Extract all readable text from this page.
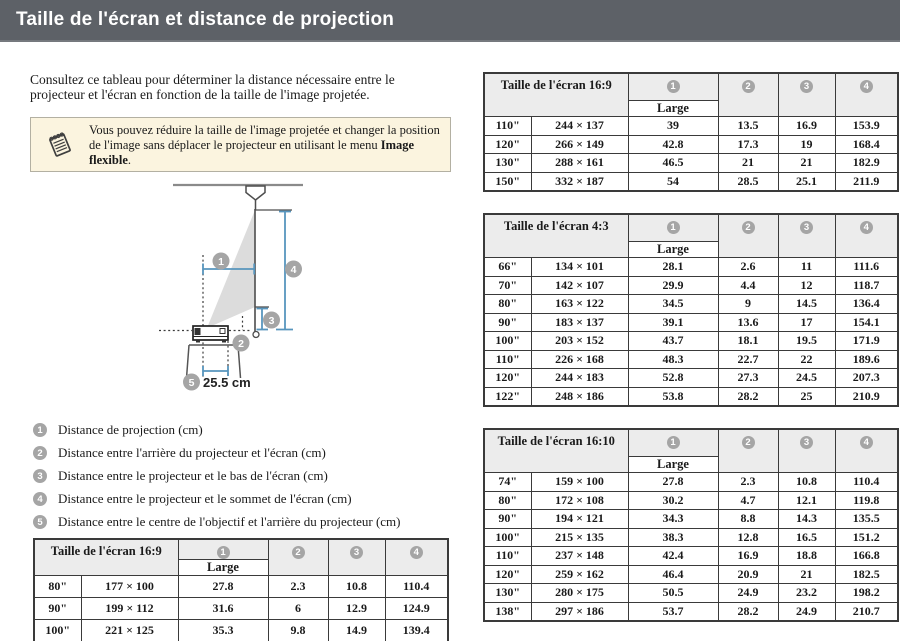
Taille de l'écran et distance de projection

Consultez ce tableau pour déterminer la distance nécessaire entre le projecteur et l'écran en fonction de la taille de l'image projetée.

Vous pouvez réduire la taille de l'image projetée et changer la position de l'image sans déplacer le projecteur en utilisant le menu Image flexible.

1
2
3
4
5 25.5 cm
1	Distance de projection (cm)
2	Distance entre l'arrière du projecteur et l'écran (cm)
3	Distance entre le projecteur et le bas de l'écran (cm)
4	Distance entre le projecteur et le sommet de l'écran (cm)
5	Distance entre le centre de l'objectif et l'arrière du projecteur (cm)
Taille de l'écran 16:9		1	2	3	4
		Large			
80"	177 × 100	27.8	2.3	10.8	110.4
90"	199 × 112	31.6	6	12.9	124.9
100"	221 × 125	35.3	9.8	14.9	139.4
Taille de l'écran 16:9		1	2	3	4
		Large			
110"	244 × 137	39	13.5	16.9	153.9
120"	266 × 149	42.8	17.3	19	168.4
130"	288 × 161	46.5	21	21	182.9
150"	332 × 187	54	28.5	25.1	211.9
Taille de l'écran 4:3		1	2	3	4
		Large			
66"	134 × 101	28.1	2.6	11	111.6
70"	142 × 107	29.9	4.4	12	118.7
80"	163 × 122	34.5	9	14.5	136.4
90"	183 × 137	39.1	13.6	17	154.1
100"	203 × 152	43.7	18.1	19.5	171.9
110"	226 × 168	48.3	22.7	22	189.6
120"	244 × 183	52.8	27.3	24.5	207.3
122"	248 × 186	53.8	28.2	25	210.9
Taille de l'écran 16:10		1	2	3	4
		Large			
74"	159 × 100	27.8	2.3	10.8	110.4
80"	172 × 108	30.2	4.7	12.1	119.8
90"	194 × 121	34.3	8.8	14.3	135.5
100"	215 × 135	38.3	12.8	16.5	151.2
110"	237 × 148	42.4	16.9	18.8	166.8
120"	259 × 162	46.4	20.9	21	182.5
130"	280 × 175	50.5	24.9	23.2	198.2
138"	297 × 186	53.7	28.2	24.9	210.7
